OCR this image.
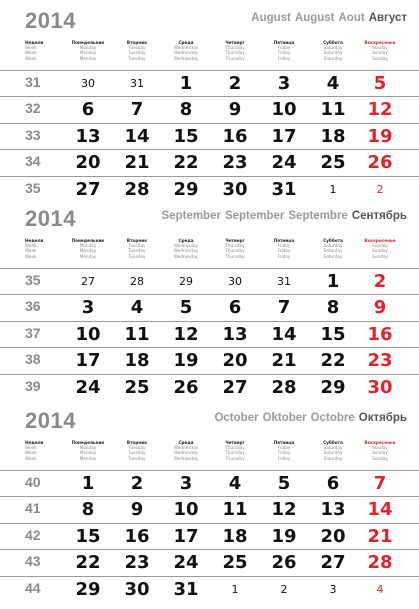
2014	August August Aout Август
Неделя
Week
Week
Week
Понедельник
Monday
Monday
Monday
Вторник
Tuesday
Tuesday
Tuesday
Среда
Wednesday
Wednesday
Wednesday
Четверг
Thursday
Thursday
Thursday
Пятница
Friday
Friday
Friday
Суббота
Saturday
Saturday
Saturday
Воскресенье
Sunday
Sunday
Sunday
31	30	31	1	2	3	4	5
32	6	7	8	9	10	11	12
33	13	14	15	16	17	18	19
34	20	21	22	23	24	25	26
35	27	28	29	30	31	1	2
2014	September September Septembre Сентябрь
Неделя
Week
Week
Week
Понедельник
Monday
Monday
Monday
Вторник
Tuesday
Tuesday
Tuesday
Среда
Wednesday
Wednesday
Wednesday
Четверг
Thursday
Thursday
Thursday
Пятница
Friday
Friday
Friday
Суббота
Saturday
Saturday
Saturday
Воскресенье
Sunday
Sunday
Sunday
35	27	28	29	30	31	1	2
36	3	4	5	6	7	8	9
37	10	11	12	13	14	15	16
38	17	18	19	20	21	22	23
39	24	25	26	27	28	29	30
2014	October Oktober Octobre Октябрь
Неделя
Week
Week
Week
Понедельник
Monday
Monday
Monday
Вторник
Tuesday
Tuesday
Tuesday
Среда
Wednesday
Wednesday
Wednesday
Четверг
Thursday
Thursday
Thursday
Пятница
Friday
Friday
Friday
Суббота
Saturday
Saturday
Saturday
Воскресенье
Sunday
Sunday
Sunday
40	1	2	3	4	5	6	7
41	8	9	10	11	12	13	14
42	15	16	17	18	19	20	21
43	22	23	24	25	26	27	28
44	29	30	31	1	2	3	4
